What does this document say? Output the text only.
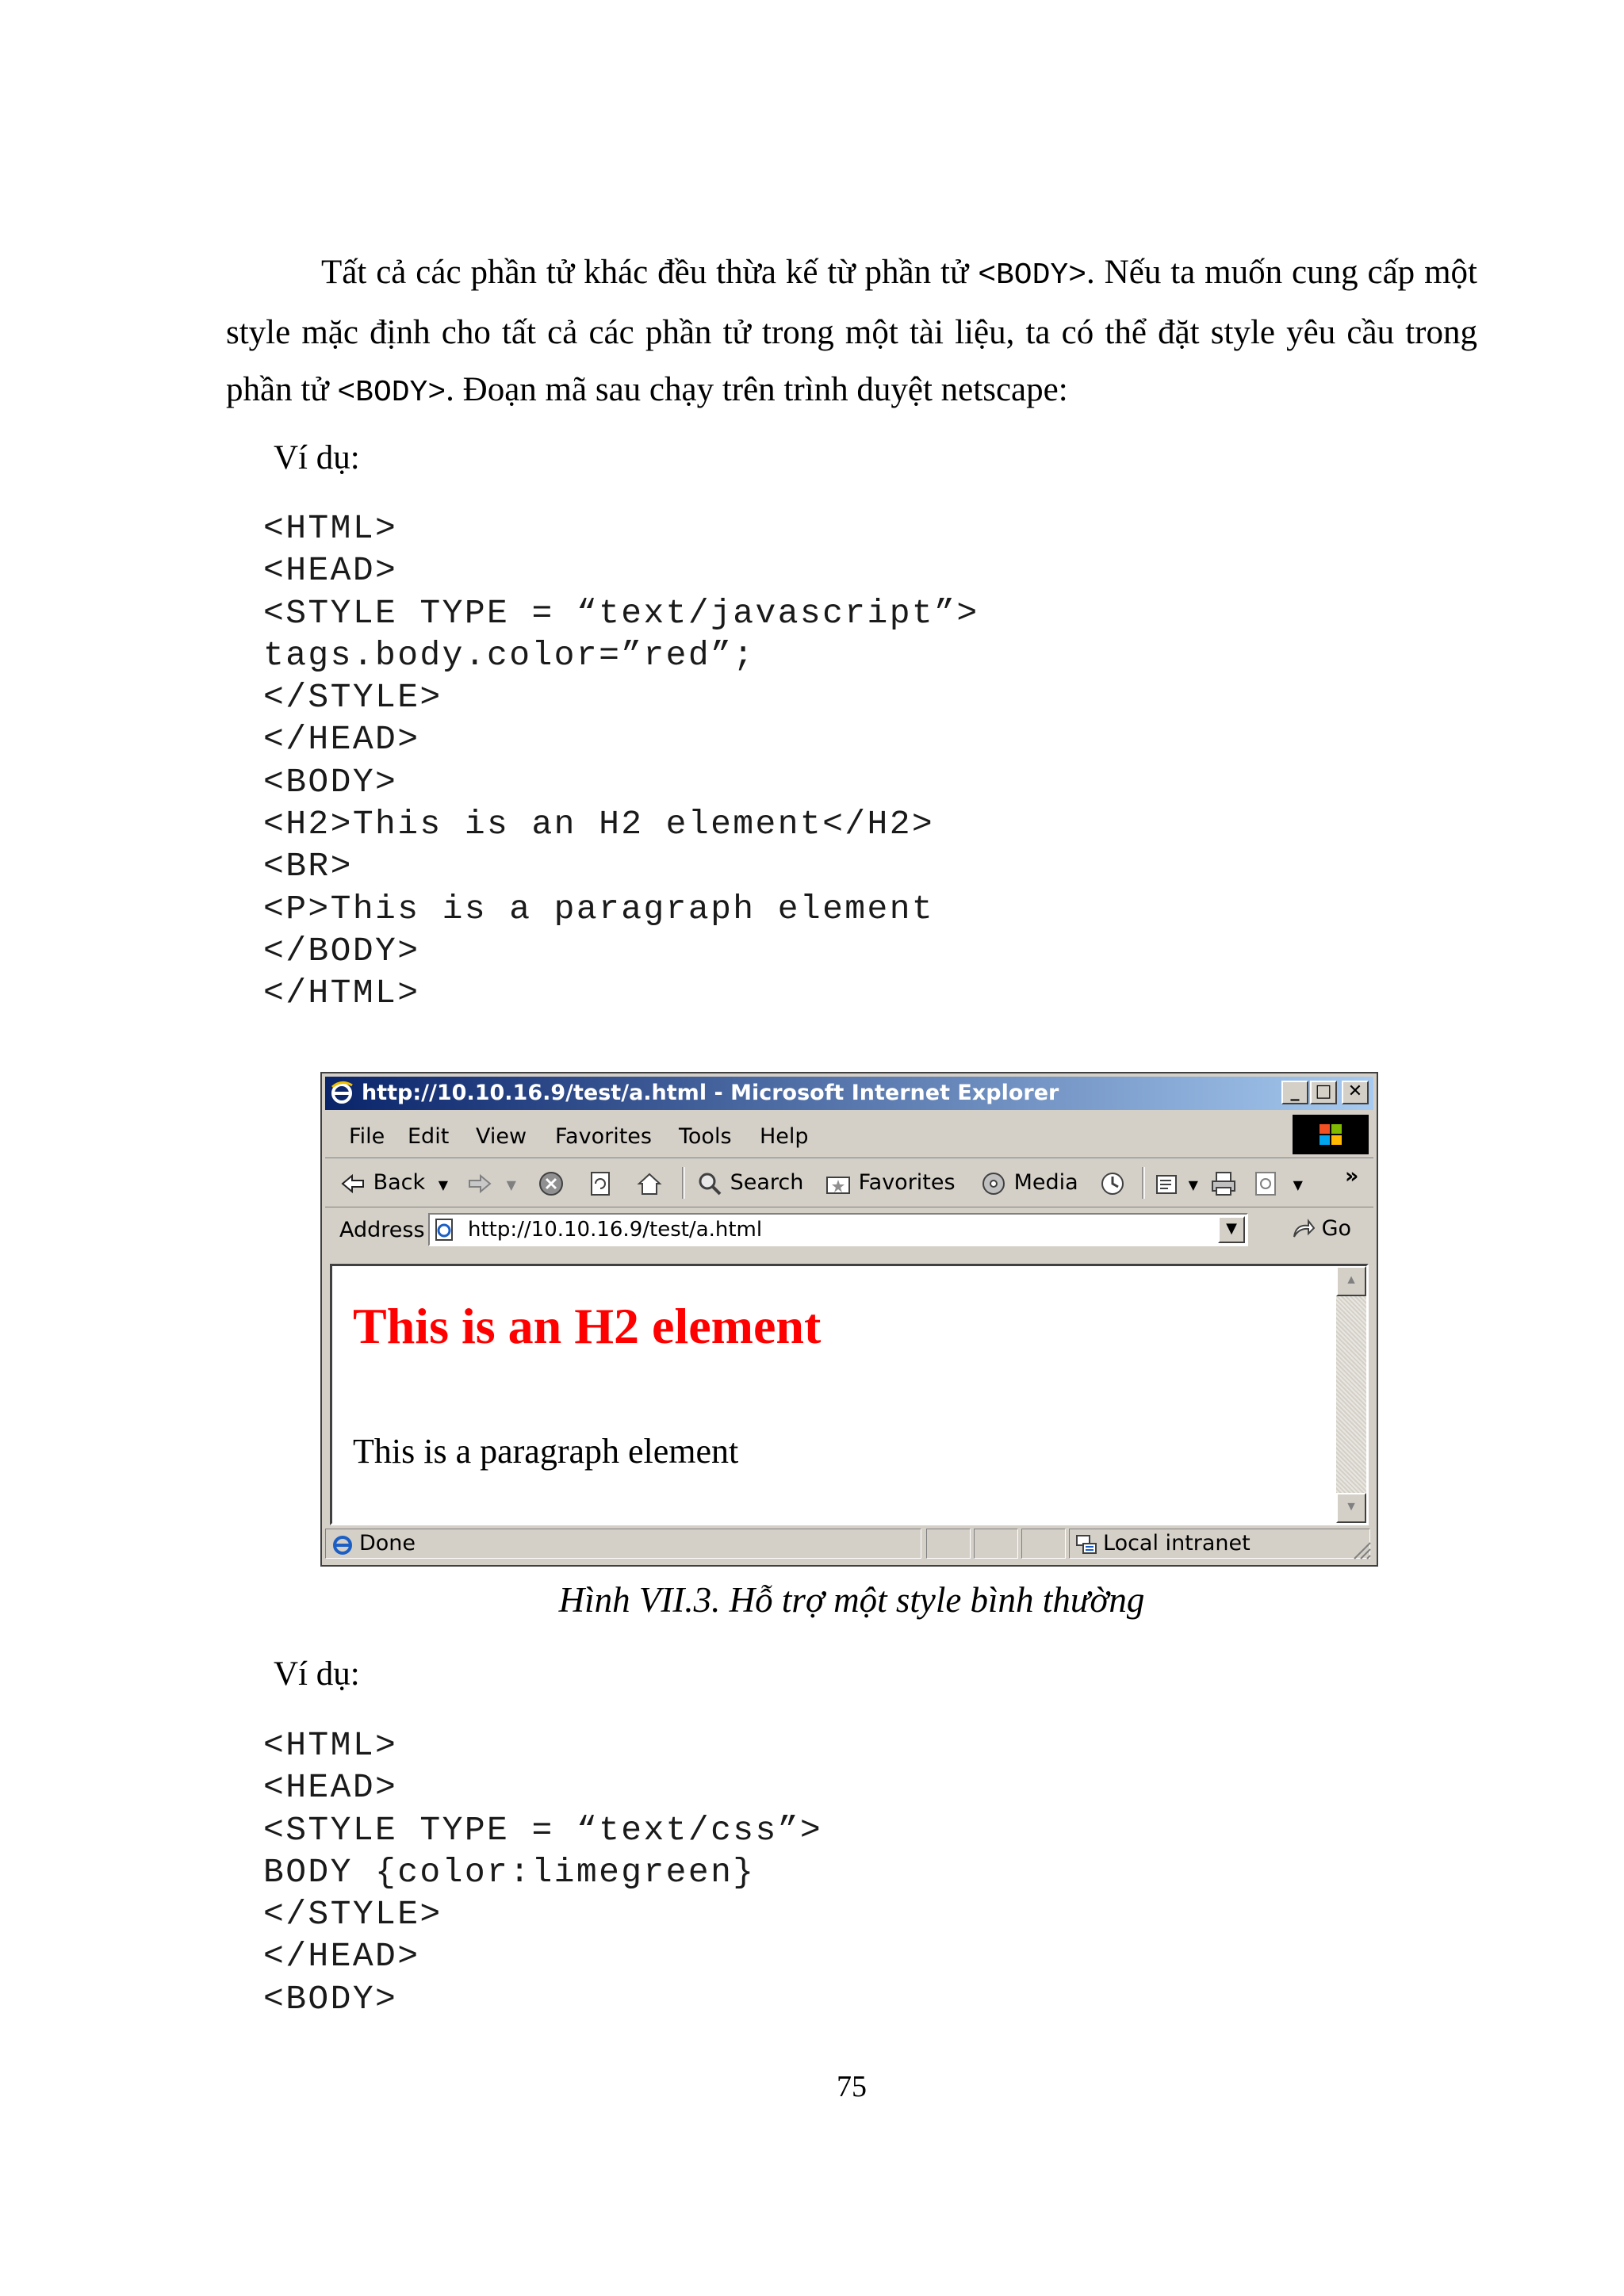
Tất cả các phần tử khác đều thừa kế từ phần tử <BODY>. Nếu ta muốn cung cấp một style mặc định cho tất cả các phần tử trong một tài liệu, ta có thể đặt style yêu cầu trong phần tử <BODY>. Đoạn mã sau chạy trên trình duyệt netscape:
Ví dụ:
<HTML>
<HEAD>
<STYLE TYPE = “text/javascript”>
tags.body.color=”red”;
</STYLE>
</HEAD>
<BODY>
<H2>This is an H2 element</H2>
<BR>
<P>This is a paragraph element
</BODY>
</HTML>
http://10.10.16.9/test/a.html - Microsoft Internet Explorer	_ □ ✕
File Edit View Favorites Tools Help
Back ▼	▼	Search	Favorites	Media	▼	▼ »
Address http://10.10.16.9/test/a.html	▼	Go
This is an H2 element

This is a paragraph element

▲
▼
Done	Local intranet
Hình VII.3. Hỗ trợ một style bình thường
Ví dụ:
<HTML>
<HEAD>
<STYLE TYPE = “text/css”>
BODY {color:limegreen}
</STYLE>
</HEAD>
<BODY>
75
